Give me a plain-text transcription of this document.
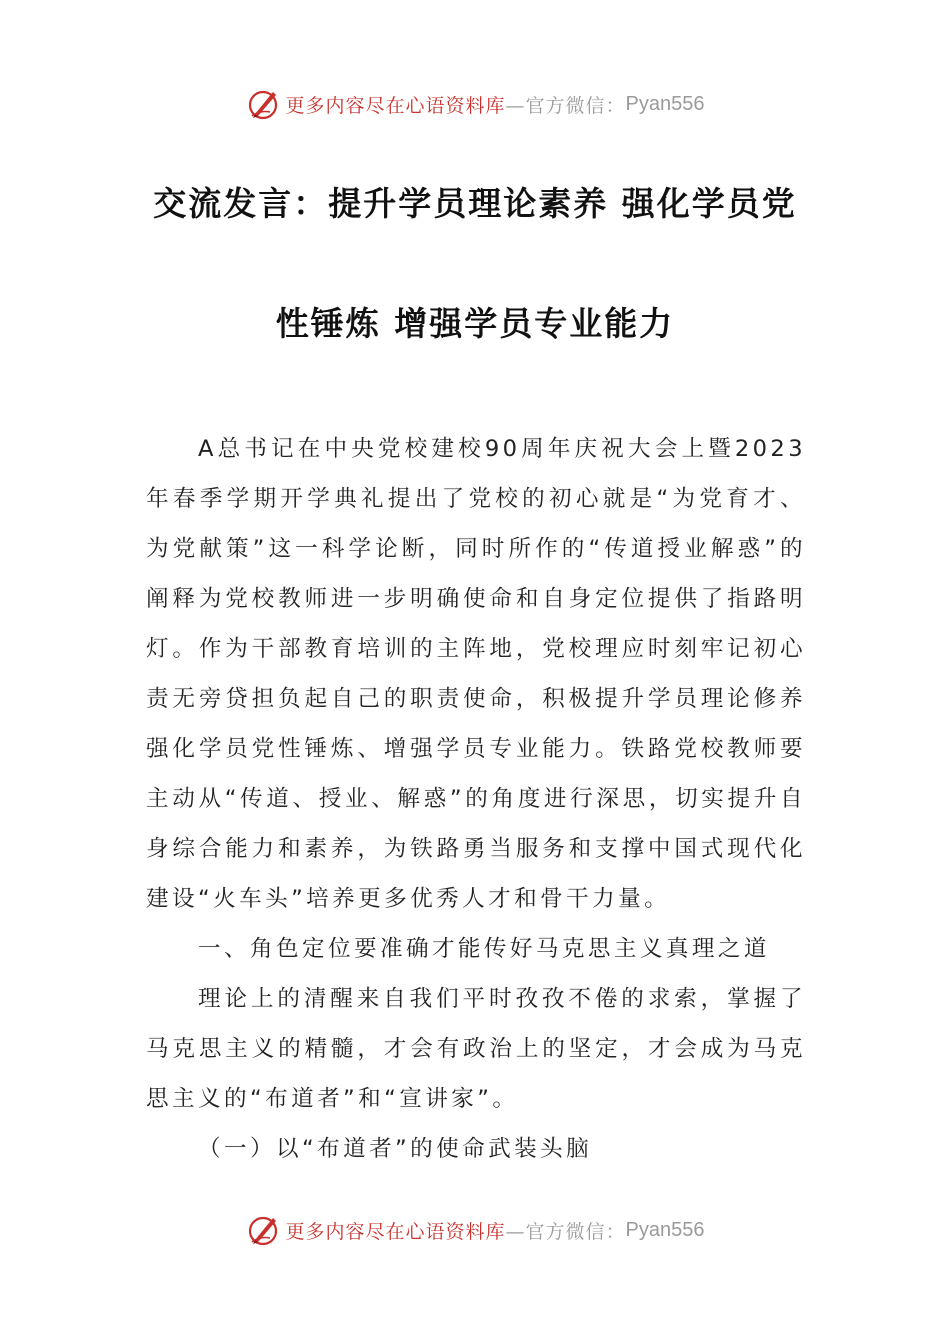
更多内容尽在心语资料库 —官方微信： Pyan556
交流发言：提升学员理论素养 强化学员党
性锤炼 增强学员专业能力

A总书记在中央党校建校90周年庆祝大会上暨2023年春季学期开学典礼提出了党校的初心就是“为党育才、为党献策”这一科学论断，同时所作的“传道授业解惑”的阐释为党校教师进一步明确使命和自身定位提供了指路明灯。作为干部教育培训的主阵地，党校理应时刻牢记初心责无旁贷担负起自己的职责使命，积极提升学员理论修养强化学员党性锤炼、增强学员专业能力。铁路党校教师要主动从“传道、授业、解惑”的角度进行深思，切实提升自身综合能力和素养，为铁路勇当服务和支撑中国式现代化建设“火车头”培养更多优秀人才和骨干力量。

一、角色定位要准确才能传好马克思主义真理之道

理论上的清醒来自我们平时孜孜不倦的求索，掌握了马克思主义的精髓，才会有政治上的坚定，才会成为马克思主义的“布道者”和“宣讲家”。

（一）以“布道者”的使命武装头脑

更多内容尽在心语资料库 —官方微信： Pyan556
